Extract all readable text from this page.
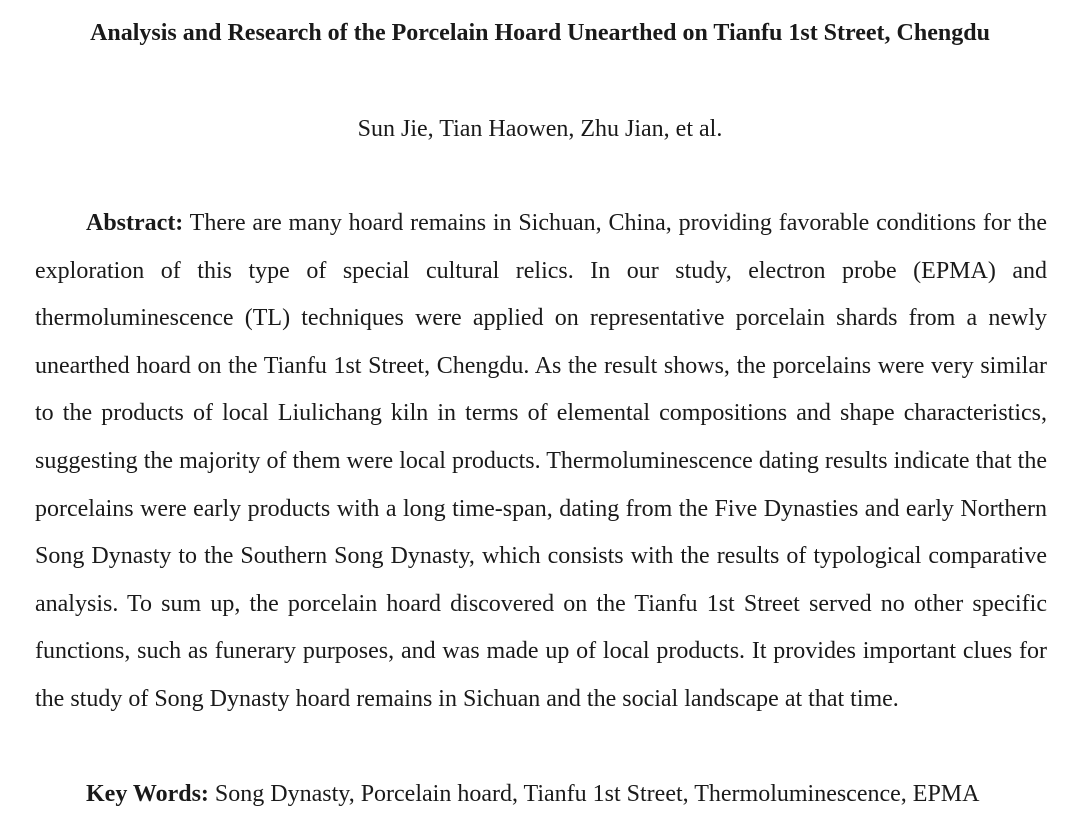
Analysis and Research of the Porcelain Hoard Unearthed on Tianfu 1st Street, Chengdu
Sun Jie, Tian Haowen, Zhu Jian, et al.

Abstract: There are many hoard remains in Sichuan, China, providing favorable conditions for the exploration of this type of special cultural relics. In our study, electron probe (EPMA) and thermoluminescence (TL) techniques were applied on representative porcelain shards from a newly unearthed hoard on the Tianfu 1st Street, Chengdu. As the result shows, the porcelains were very similar to the products of local Liulichang kiln in terms of elemental compositions and shape characteristics, suggesting the majority of them were local products. Thermoluminescence dating results indicate that the porcelains were early products with a long time-span, dating from the Five Dynasties and early Northern Song Dynasty to the Southern Song Dynasty, which consists with the results of typological comparative analysis. To sum up, the porcelain hoard discovered on the Tianfu 1st Street served no other specific functions, such as funerary purposes, and was made up of local products. It provides important clues for the study of Song Dynasty hoard remains in Sichuan and the social landscape at that time.

Key Words: Song Dynasty, Porcelain hoard, Tianfu 1st Street, Thermoluminescence, EPMA
